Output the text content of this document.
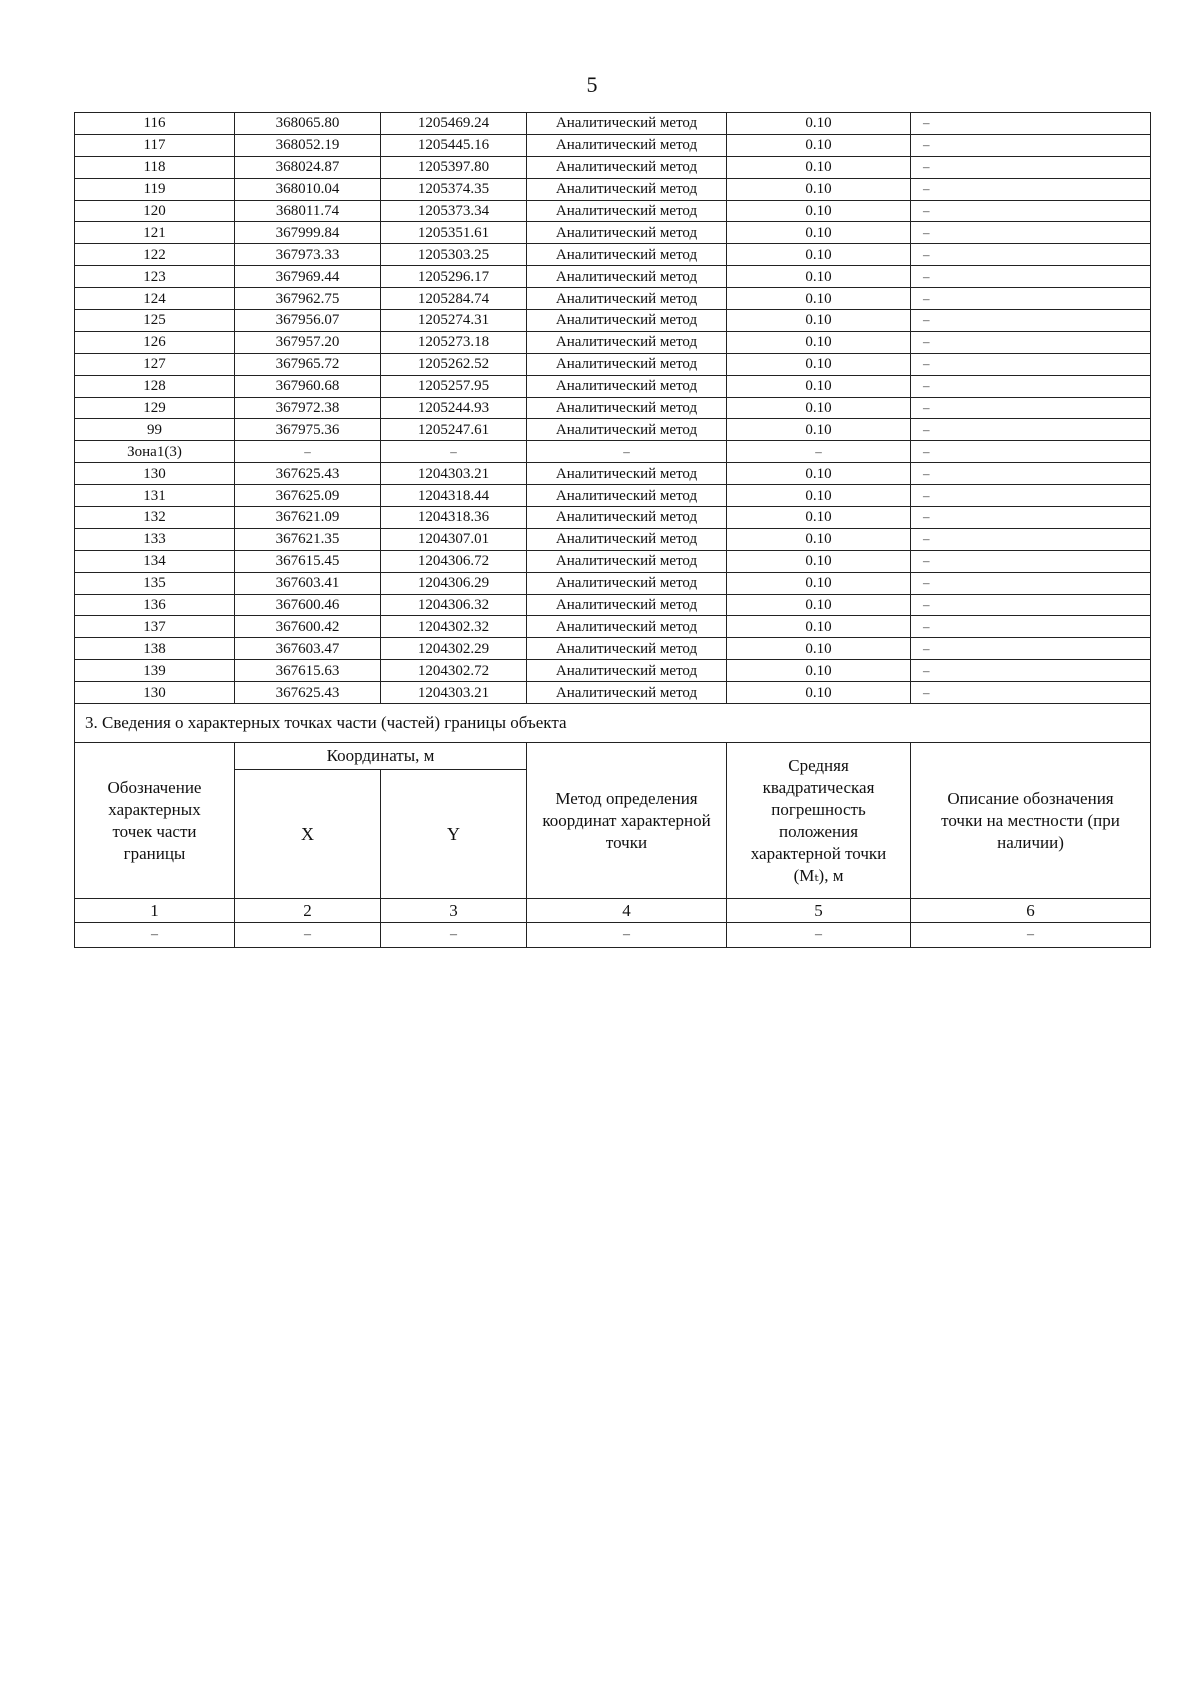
5
116	368065.80	1205469.24	Аналитический метод	0.10	–
117	368052.19	1205445.16	Аналитический метод	0.10	–
118	368024.87	1205397.80	Аналитический метод	0.10	–
119	368010.04	1205374.35	Аналитический метод	0.10	–
120	368011.74	1205373.34	Аналитический метод	0.10	–
121	367999.84	1205351.61	Аналитический метод	0.10	–
122	367973.33	1205303.25	Аналитический метод	0.10	–
123	367969.44	1205296.17	Аналитический метод	0.10	–
124	367962.75	1205284.74	Аналитический метод	0.10	–
125	367956.07	1205274.31	Аналитический метод	0.10	–
126	367957.20	1205273.18	Аналитический метод	0.10	–
127	367965.72	1205262.52	Аналитический метод	0.10	–
128	367960.68	1205257.95	Аналитический метод	0.10	–
129	367972.38	1205244.93	Аналитический метод	0.10	–
99	367975.36	1205247.61	Аналитический метод	0.10	–
Зона1(3)	–	–	–	–	–
130	367625.43	1204303.21	Аналитический метод	0.10	–
131	367625.09	1204318.44	Аналитический метод	0.10	–
132	367621.09	1204318.36	Аналитический метод	0.10	–
133	367621.35	1204307.01	Аналитический метод	0.10	–
134	367615.45	1204306.72	Аналитический метод	0.10	–
135	367603.41	1204306.29	Аналитический метод	0.10	–
136	367600.46	1204306.32	Аналитический метод	0.10	–
137	367600.42	1204302.32	Аналитический метод	0.10	–
138	367603.47	1204302.29	Аналитический метод	0.10	–
139	367615.63	1204302.72	Аналитический метод	0.10	–
130	367625.43	1204303.21	Аналитический метод	0.10	–
3. Сведения о характерных точках части (частей) границы объекта					
Обозначение характерных точек части границы	Координаты, м		Метод определения координат характерной точки	Средняя квадратическая погрешность положения характерной точки (Mₜ), м	Описание обозначения точки на местности (при наличии)
	X	Y			
1	2	3	4	5	6
–	–	–	–	–	–
